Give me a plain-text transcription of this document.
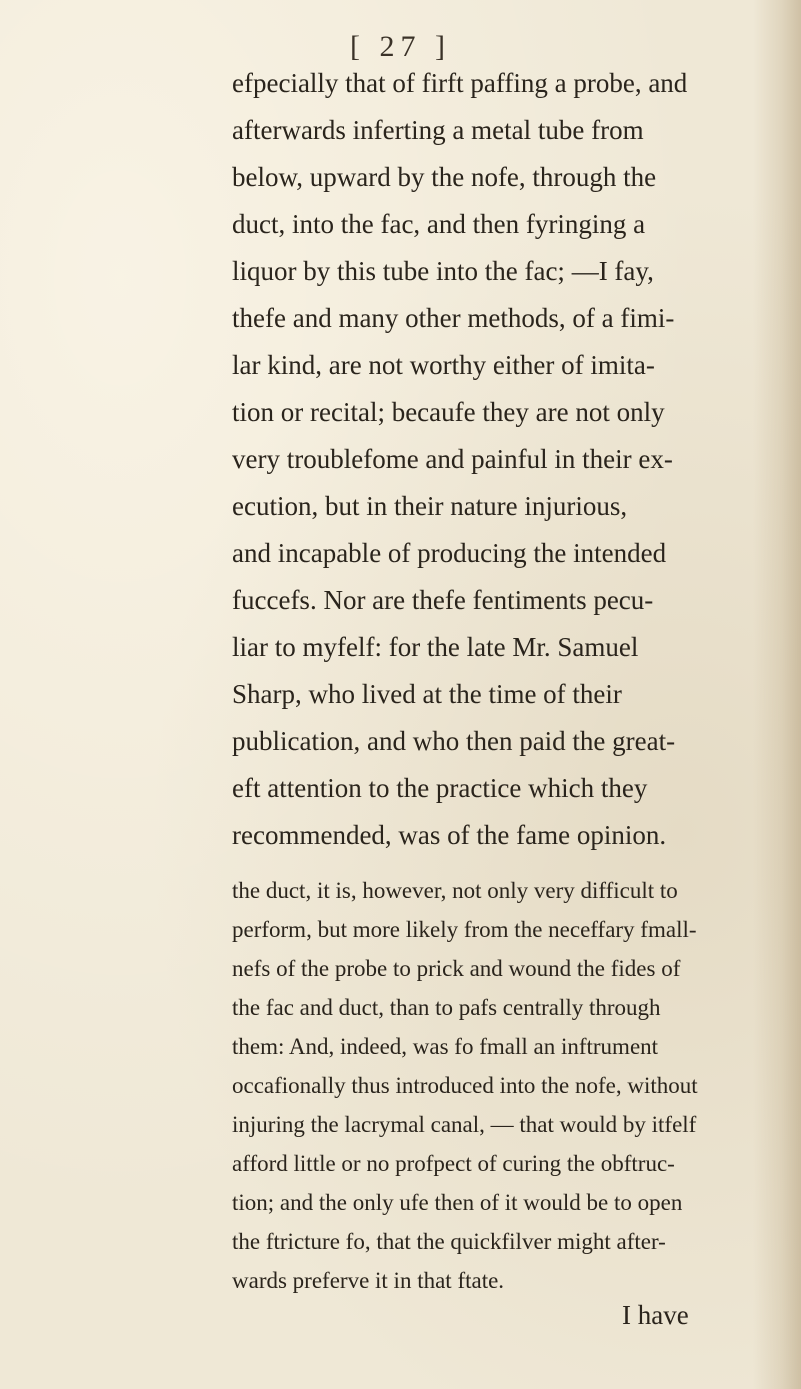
[ 27 ]
efpecially that of firft paffing a probe, and
afterwards inferting a metal tube from
below, upward by the nofe, through the
duct, into the fac, and then fyringing a
liquor by this tube into the fac; —I fay,
thefe and many other methods, of a fimi-
lar kind, are not worthy either of imita-
tion or recital; becaufe they are not only
very troublefome and painful in their ex-
ecution, but in their nature injurious,
and incapable of producing the intended
fuccefs. Nor are thefe fentiments pecu-
liar to myfelf: for the late Mr. Samuel
Sharp, who lived at the time of their
publication, and who then paid the great-
eft attention to the practice which they
recommended, was of the fame opinion.
the duct, it is, however, not only very difficult to
perform, but more likely from the neceffary fmall-
nefs of the probe to prick and wound the fides of
the fac and duct, than to pafs centrally through
them: And, indeed, was fo fmall an inftrument
occafionally thus introduced into the nofe, without
injuring the lacrymal canal, — that would by itfelf
afford little or no profpect of curing the obftruc-
tion; and the only ufe then of it would be to open
the ftricture fo, that the quickfilver might after-
wards preferve it in that ftate.
I have
